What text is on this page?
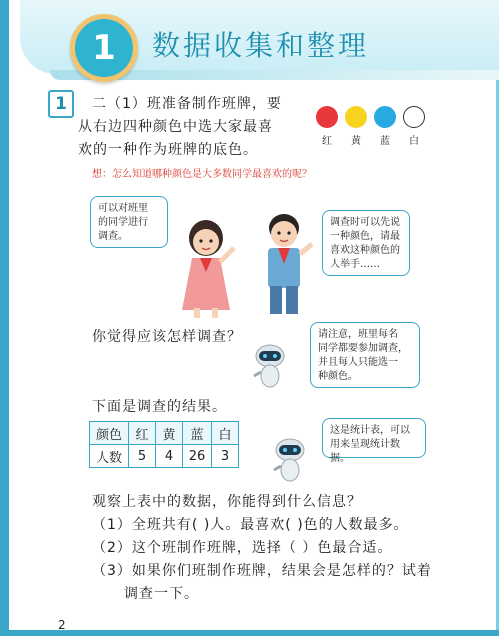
1	数据收集和整理
1	二（1）班准备制作班牌，要
从右边四种颜色中选大家最喜
欢的一种作为班牌的底色。
红	黄	蓝	白
想：怎么知道哪种颜色是大多数同学最喜欢的呢？
可以对班里
的同学进行
调查。
调查时可以先说
一种颜色，请最
喜欢这种颜色的
人举手……
你觉得应该怎样调查？	请注意，班里每名
同学都要参加调查，
并且每人只能选一
种颜色。
下面是调查的结果。
颜色	红	黄	蓝	白
人数	5	4	26	3
这是统计表，可以
用来呈现统计数据。
观察上表中的数据，你能得到什么信息？
（1）全班共有( )人。最喜欢( )色的人数最多。
（2）这个班制作班牌，选择（ ）色最合适。
（3）如果你们班制作班牌，结果会是怎样的？试着
调查一下。
2
